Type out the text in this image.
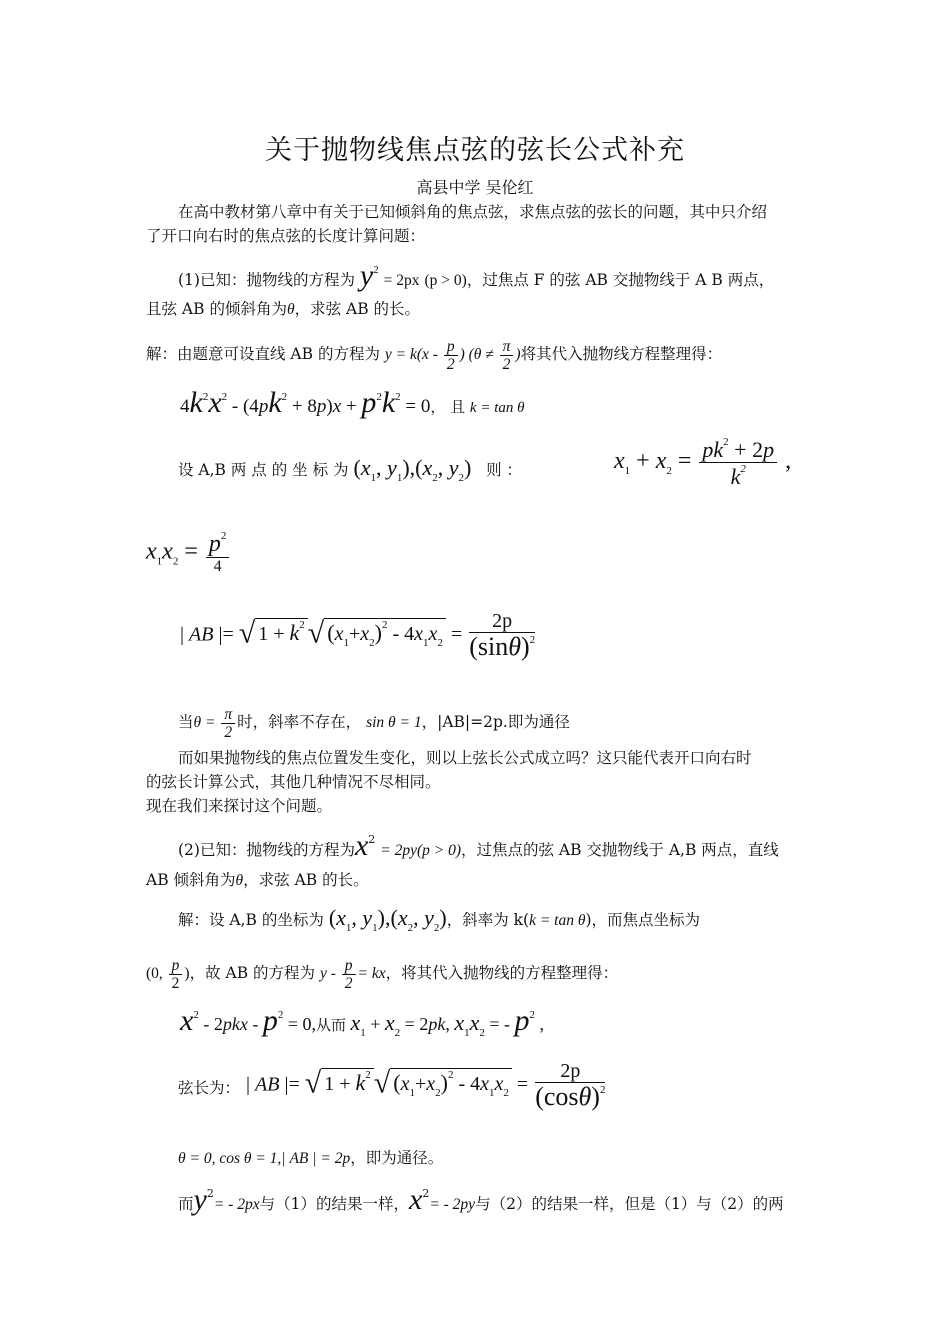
关于抛物线焦点弦的弦长公式补充
高县中学 吴伦红
在高中教材第八章中有关于已知倾斜角的焦点弦，求焦点弦的弦长的问题，其中只介绍
了开口向右时的焦点弦的长度计算问题：
(1)已知：抛物线的方程为 $y^2 = 2px$ (p > 0)，过焦点 F 的弦 AB 交抛物线于 A B 两点，
且弦 AB 的倾斜角为θ，求弦 AB 的长。
解：由题意可设直线 AB 的方程为 $y = k(x - \frac{p}{2}$ ) ($\theta \ne \frac{\pi}{2}$ )将其代入抛物线方程整理得：
$4k^2x^2 - (4pk^2 + 8p)x + p^2k^2 = 0$， 且 k = tan θ
设 A,B 两 点 的 坐 标 为 ($x_1$, $y_1),(x_2$, $y_2$) 则 ：	$x_1 + x_2 = \frac{pk^2 + 2p}{k^2}$ ,
$x_1x_2 = \frac{p^2}{4}$
| AB |= √ $1 + k^2$ √ $(x_1+x_2)^2 - 4x_1x_2 = \frac{2p}{(\sin\theta)^2}$
当$\theta = \frac{\pi}{2}$ 时，斜率不存在， sin θ = 1，|AB|=2p.即为通径
而如果抛物线的焦点位置发生变化，则以上弦长公式成立吗？这只能代表开口向右时
的弦长计算公式，其他几种情况不尽相同。
现在我们来探讨这个问题。
(2)已知：抛物线的方程为$x^2 = 2py(p > 0)$，过焦点的弦 AB 交抛物线于 A,B 两点，直线
AB 倾斜角为θ，求弦 AB 的长。
解：设 A,B 的坐标为 ($x_1$, $y_1),(x_2$, $y_2$)，斜率为 k(k = tan θ)，而焦点坐标为
(0, $\frac{p}{2}$ )，故 AB 的方程为 y - $\frac{p}{2}$ = kx，将其代入抛物线的方程整理得：
$x^2 - 2pkx - p^2 = 0$,从而 $x_1 + x_2 = 2pk$, $x_1x_2$ = - $p^2$ ,
弦长为： | AB |= √ $1 + k^2$ √ $(x_1+x_2)^2 - 4x_1x_2 = \frac{2p}{(\cos\theta)^2}$
θ = 0, cos θ = 1,| AB | = 2p，即为通径。
而$y^2= - 2px$与（1）的结果一样，$x^2= - 2py$与（2）的结果一样，但是（1）与（2）的两
